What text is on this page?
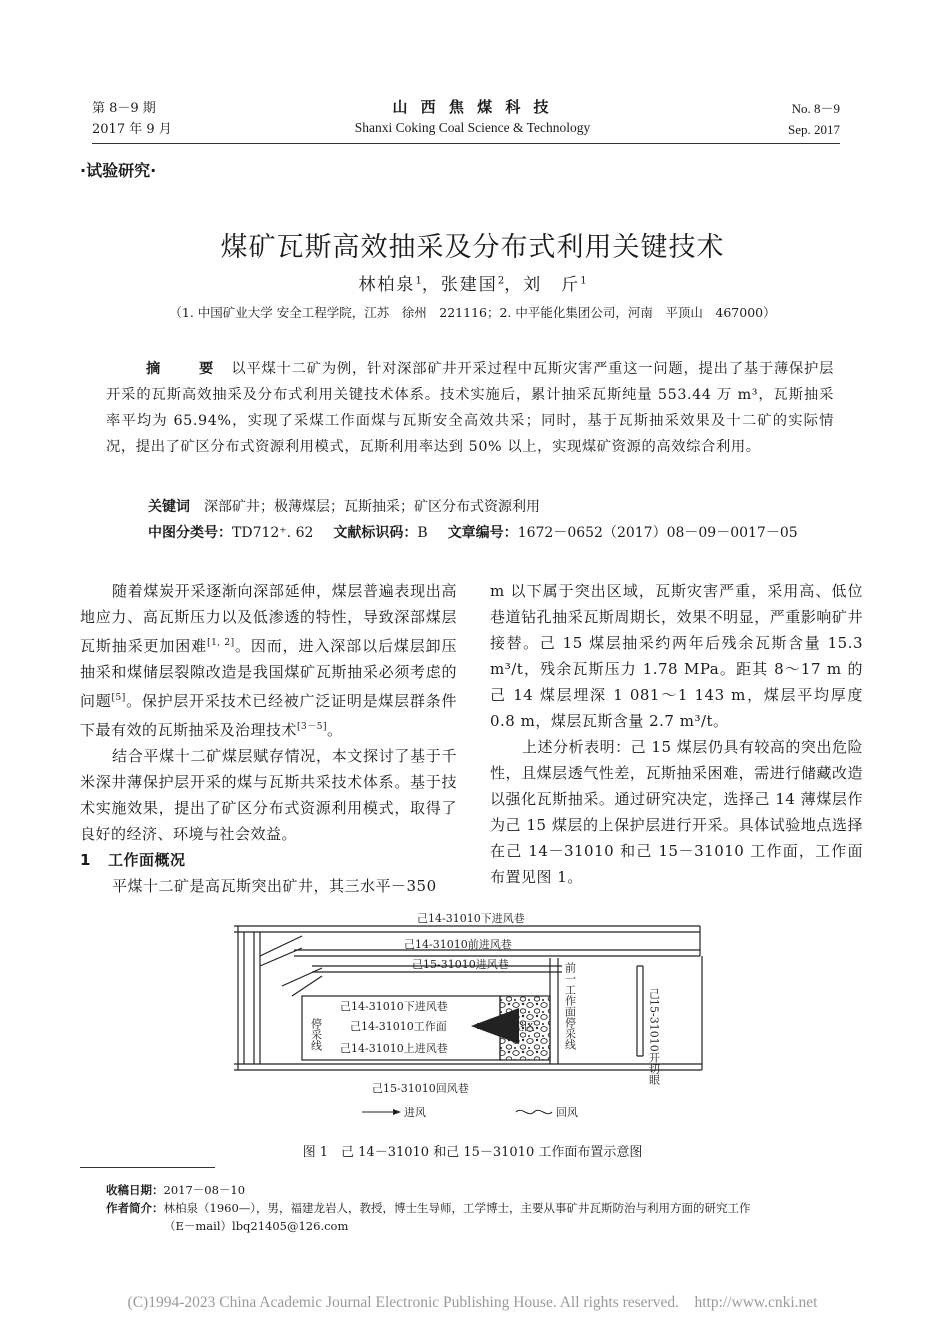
第 8－9 期
2017 年 9 月
山 西 焦 煤 科 技
Shanxi Coking Coal Science & Technology
No. 8－9
Sep. 2017
·试验研究·
煤矿瓦斯高效抽采及分布式利用关键技术
林柏泉$^1$，张建国$^2$，刘　斤$^1$
（1. 中国矿业大学 安全工程学院，江苏　徐州　221116；2. 中平能化集团公司，河南　平顶山　467000）
摘　要 以平煤十二矿为例，针对深部矿井开采过程中瓦斯灾害严重这一问题，提出了基于薄保护层开采的瓦斯高效抽采及分布式利用关键技术体系。技术实施后，累计抽采瓦斯纯量 553.44 万 m³，瓦斯抽采率平均为 65.94%，实现了采煤工作面煤与瓦斯安全高效共采；同时，基于瓦斯抽采效果及十二矿的实际情况，提出了矿区分布式资源利用模式，瓦斯利用率达到 50% 以上，实现煤矿资源的高效综合利用。
关键词 深部矿井；极薄煤层；瓦斯抽采；矿区分布式资源利用
中图分类号：TD712⁺. 62 文献标识码：B 文章编号：1672－0652（2017）08－09－0017－05

随着煤炭开采逐渐向深部延伸，煤层普遍表现出高地应力、高瓦斯压力以及低渗透的特性，导致深部煤层瓦斯抽采更加困难[1, 2]。因而，进入深部以后煤层卸压抽采和煤储层裂隙改造是我国煤矿瓦斯抽采必须考虑的问题[5]。保护层开采技术已经被广泛证明是煤层群条件下最有效的瓦斯抽采及治理技术[3－5]。

结合平煤十二矿煤层赋存情况，本文探讨了基于千米深井薄保护层开采的煤与瓦斯共采技术体系。基于技术实施效果，提出了矿区分布式资源利用模式，取得了良好的经济、环境与社会效益。

1 工作面概况

平煤十二矿是高瓦斯突出矿井，其三水平－350

m 以下属于突出区域，瓦斯灾害严重，采用高、低位巷道钻孔抽采瓦斯周期长，效果不明显，严重影响矿井接替。己 15 煤层抽采约两年后残余瓦斯含量 15.3 m³/t，残余瓦斯压力 1.78 MPa。距其 8～17 m 的己 14 煤层埋深 1 081～1 143 m，煤层平均厚度 0.8 m，煤层瓦斯含量 2.7 m³/t。

上述分析表明：己 15 煤层仍具有较高的突出危险性，且煤层透气性差，瓦斯抽采困难，需进行储藏改造以强化瓦斯抽采。通过研究决定，选择己 14 薄煤层作为己 15 煤层的上保护层进行开采。具体试验地点选择在己 14－31010 和己 15－31010 工作面，工作面布置见图 1。

己14-31010下进风巷
己14-31010前进风巷
己15-31010进风巷
己14-31010下进风巷
己14-31010工作面
己14-31010上进风巷
采空区
停采线	前一工作面停采线	己15-31010开切眼
己15-31010回风巷
进风	回风
图 1　己 14－31010 和己 15－31010 工作面布置示意图
收稿日期：2017－08－10
作者简介：林柏泉（1960—），男，福建龙岩人，教授，博士生导师，工学博士，主要从事矿井瓦斯防治与利用方面的研究工作
（E－mail）lbq21405@126.com
(C)1994-2023 China Academic Journal Electronic Publishing House. All rights reserved.　http://www.cnki.net
